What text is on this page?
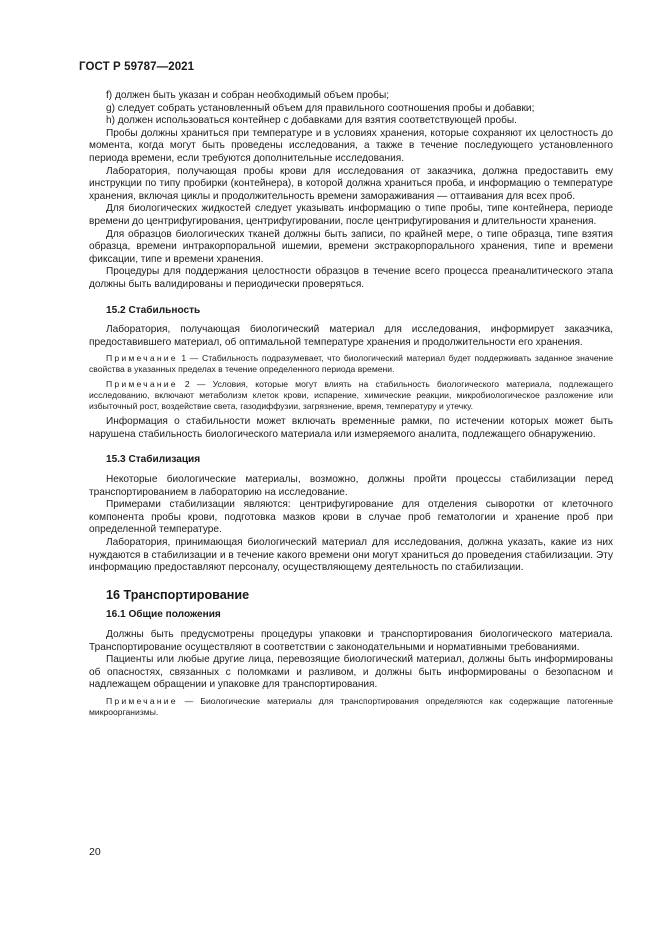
ГОСТ Р 59787—2021

f) должен быть указан и собран необходимый объем пробы;

g) следует собрать установленный объем для правильного соотношения пробы и добавки;

h) должен использоваться контейнер с добавками для взятия соответствующей пробы.

Пробы должны храниться при температуре и в условиях хранения, которые сохраняют их целостность до момента, когда могут быть проведены исследования, а также в течение последующего установленного периода времени, если требуются дополнительные исследования.

Лаборатория, получающая пробы крови для исследования от заказчика, должна предоставить ему инструкции по типу пробирки (контейнера), в которой должна храниться проба, и информацию о температуре хранения, включая циклы и продолжительность времени замораживания — оттаивания для всех проб.

Для биологических жидкостей следует указывать информацию о типе пробы, типе контейнера, периоде времени до центрифугирования, центрифугировании, после центрифугирования и длительности хранения.

Для образцов биологических тканей должны быть записи, по крайней мере, о типе образца, типе взятия образца, времени интракорпоральной ишемии, времени экстракорпорального хранения, типе и времени фиксации, типе и времени хранения.

Процедуры для поддержания целостности образцов в течение всего процесса преаналитического этапа должны быть валидированы и периодически проверяться.

15.2 Стабильность

Лаборатория, получающая биологический материал для исследования, информирует заказчика, предоставившего материал, об оптимальной температуре хранения и продолжительности его хранения.

Примечание 1 — Стабильность подразумевает, что биологический материал будет поддерживать заданное значение свойства в указанных пределах в течение определенного периода времени.

Примечание 2 — Условия, которые могут влиять на стабильность биологического материала, подлежащего исследованию, включают метаболизм клеток крови, испарение, химические реакции, микробиологическое разложение или избыточный рост, воздействие света, газодиффузии, загрязнение, время, температуру и утечку.

Информация о стабильности может включать временные рамки, по истечении которых может быть нарушена стабильность биологического материала или измеряемого аналита, подлежащего обнаружению.

15.3 Стабилизация

Некоторые биологические материалы, возможно, должны пройти процессы стабилизации перед транспортированием в лабораторию на исследование.

Примерами стабилизации являются: центрифугирование для отделения сыворотки от клеточного компонента пробы крови, подготовка мазков крови в случае проб гематологии и хранение проб при определенной температуре.

Лаборатория, принимающая биологический материал для исследования, должна указать, какие из них нуждаются в стабилизации и в течение какого времени они могут храниться до проведения стабилизации. Эту информацию предоставляют персоналу, осуществляющему деятельность по стабилизации.

16 Транспортирование
16.1 Общие положения

Должны быть предусмотрены процедуры упаковки и транспортирования биологического материала. Транспортирование осуществляют в соответствии с законодательными и нормативными требованиями.

Пациенты или любые другие лица, перевозящие биологический материал, должны быть информированы об опасностях, связанных с поломками и разливом, и должны быть информированы о безопасном и надлежащем обращении и упаковке для транспортирования.

Примечание — Биологические материалы для транспортирования определяются как содержащие патогенные микроорганизмы.

20
